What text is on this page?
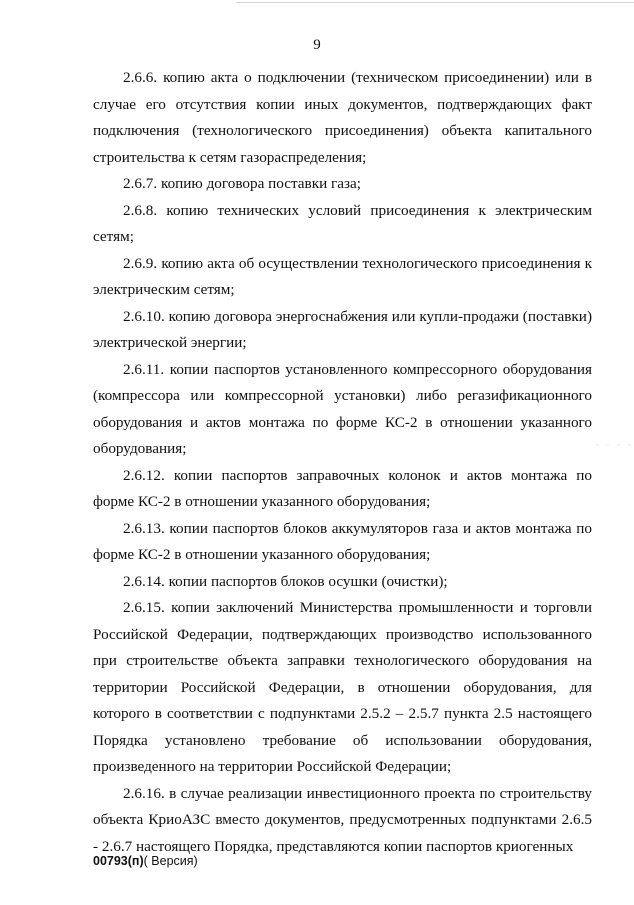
9

2.6.6. копию акта о подключении (техническом присоединении) или в случае его отсутствия копии иных документов, подтверждающих факт подключения (технологического присоединения) объекта капитального строительства к сетям газораспределения;

2.6.7. копию договора поставки газа;

2.6.8. копию технических условий присоединения к электрическим сетям;

2.6.9. копию акта об осуществлении технологического присоединения к электрическим сетям;

2.6.10. копию договора энергоснабжения или купли-продажи (поставки) электрической энергии;

2.6.11. копии паспортов установленного компрессорного оборудования (компрессора или компрессорной установки) либо регазификационного оборудования и актов монтажа по форме КС-2 в отношении указанного оборудования;

2.6.12. копии паспортов заправочных колонок и актов монтажа по форме КС-2 в отношении указанного оборудования;

2.6.13. копии паспортов блоков аккумуляторов газа и актов монтажа по форме КС-2 в отношении указанного оборудования;

2.6.14. копии паспортов блоков осушки (очистки);

2.6.15. копии заключений Министерства промышленности и торговли Российской Федерации, подтверждающих производство использованного при строительстве объекта заправки технологического оборудования на территории Российской Федерации, в отношении оборудования, для которого в соответствии с подпунктами 2.5.2 – 2.5.7 пункта 2.5 настоящего Порядка установлено требование об использовании оборудования, произведенного на территории Российской Федерации;

2.6.16. в случае реализации инвестиционного проекта по строительству объекта КриоАЗС вместо документов, предусмотренных подпунктами 2.6.5 - 2.6.7 настоящего Порядка, представляются копии паспортов криогенных

· · · ·
00793(п)( Версия)
